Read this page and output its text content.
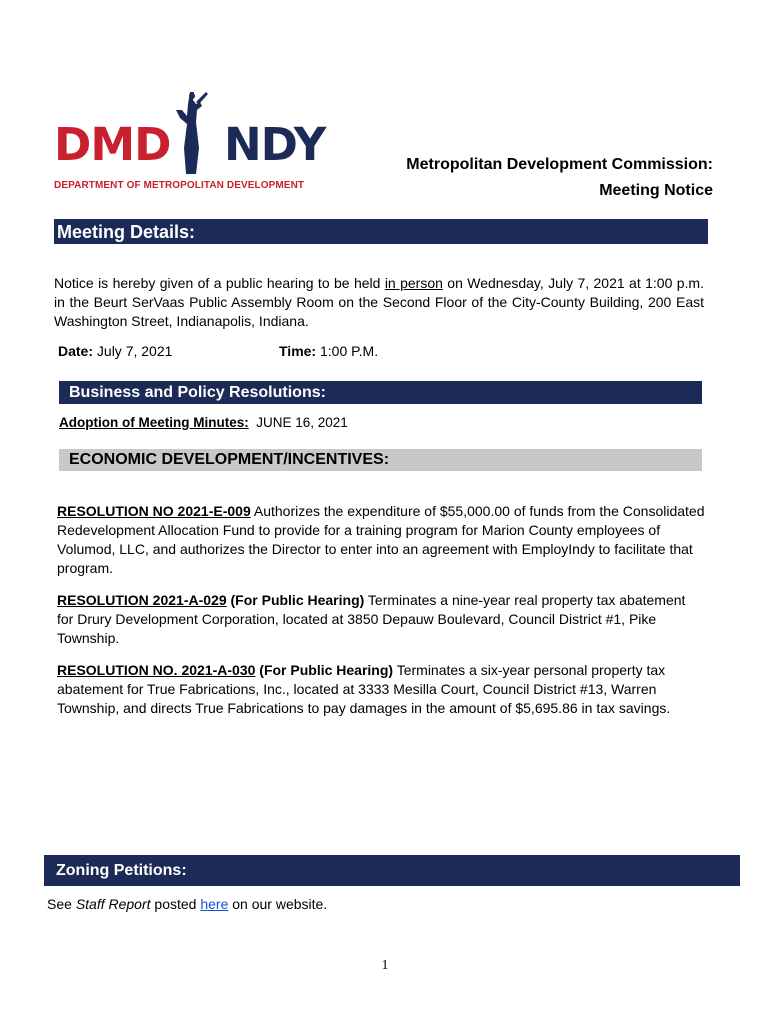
DMD NDY
DEPARTMENT OF METROPOLITAN DEVELOPMENT
Metropolitan Development Commission:
Meeting Notice
Meeting Details:
Notice is hereby given of a public hearing to be held in person on Wednesday, July 7, 2021 at 1:00 p.m. in the Beurt SerVaas Public Assembly Room on the Second Floor of the City-County Building, 200 East Washington Street, Indianapolis, Indiana.
Date: July 7, 2021	Time: 1:00 P.M.
Business and Policy Resolutions:
Adoption of Meeting Minutes:  JUNE 16, 2021
ECONOMIC DEVELOPMENT/INCENTIVES:
RESOLUTION NO 2021-E-009 Authorizes the expenditure of $55,000.00 of funds from the Consolidated Redevelopment Allocation Fund to provide for a training program for Marion County employees of Volumod, LLC, and authorizes the Director to enter into an agreement with EmployIndy to facilitate that program.
RESOLUTION 2021-A-029 (For Public Hearing) Terminates a nine-year real property tax abatement for Drury Development Corporation, located at 3850 Depauw Boulevard, Council District #1, Pike Township.
RESOLUTION NO. 2021-A-030 (For Public Hearing) Terminates a six-year personal property tax abatement for True Fabrications, Inc., located at 3333 Mesilla Court, Council District #13, Warren Township, and directs True Fabrications to pay damages in the amount of $5,695.86 in tax savings.
Zoning Petitions:
See Staff Report posted here on our website.
1
